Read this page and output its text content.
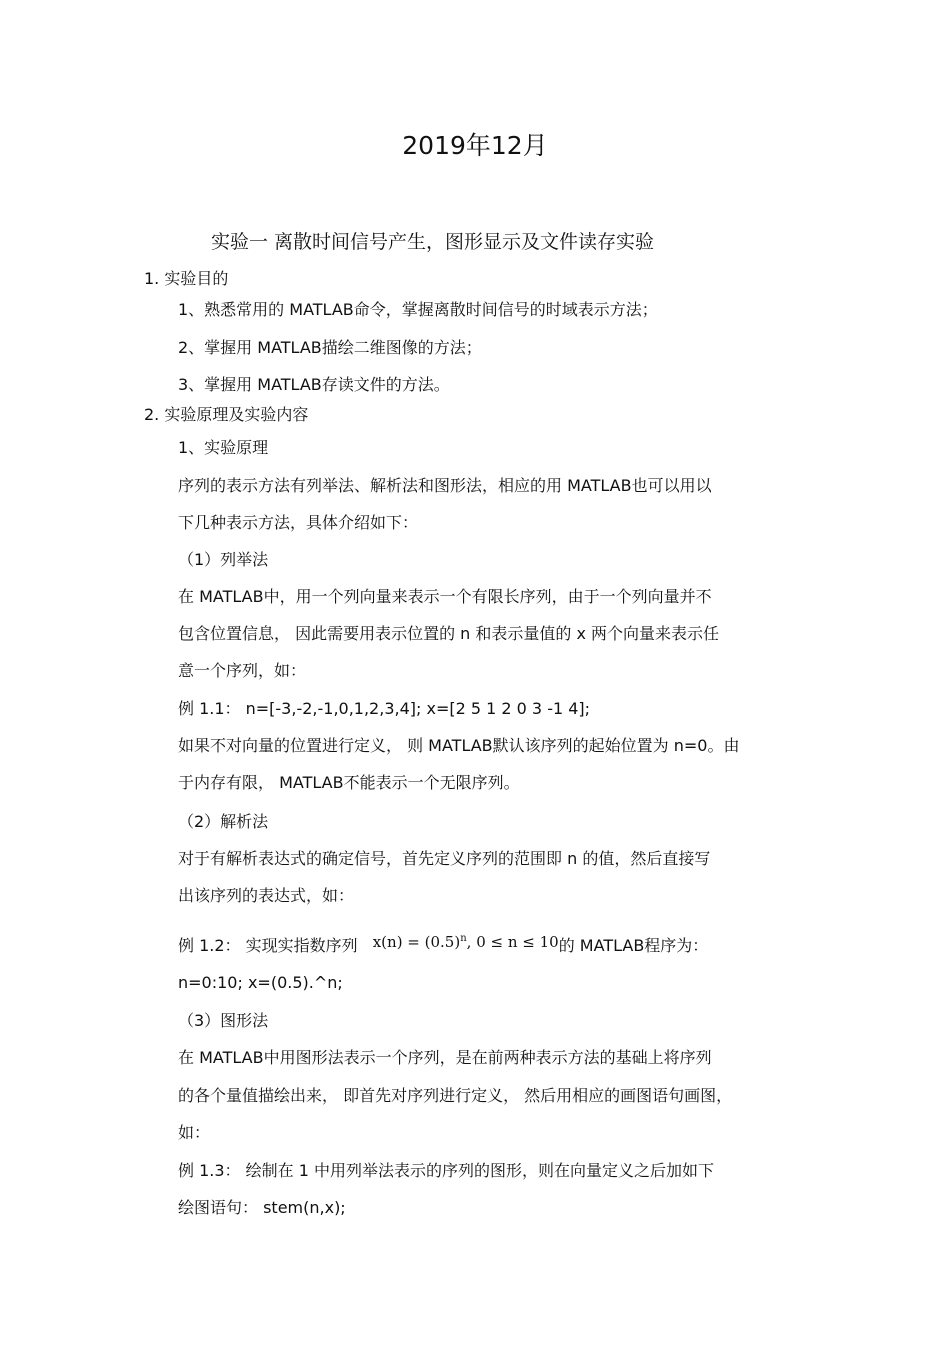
2019年12月
实验一 离散时间信号产生，图形显示及文件读存实验
1. 实验目的
1、熟悉常用的 MATLAB命令，掌握离散时间信号的时域表示方法；
2、掌握用 MATLAB描绘二维图像的方法；
3、掌握用 MATLAB存读文件的方法。
2. 实验原理及实验内容
1、实验原理
序列的表示方法有列举法、解析法和图形法，相应的用 MATLAB也可以用以
下几种表示方法，具体介绍如下：
（1）列举法
在 MATLAB中，用一个列向量来表示一个有限长序列，由于一个列向量并不
包含位置信息， 因此需要用表示位置的 n 和表示量值的 x 两个向量来表示任
意一个序列，如：
例 1.1： n=[-3,-2,-1,0,1,2,3,4]; x=[2 5 1 2 0 3 -1 4];
如果不对向量的位置进行定义， 则 MATLAB默认该序列的起始位置为 n=0。由
于内存有限， MATLAB不能表示一个无限序列。
（2）解析法
对于有解析表达式的确定信号，首先定义序列的范围即 n 的值，然后直接写
出该序列的表达式，如：
例 1.2： 实现实指数序列 $x(n) = (0.5)^n$, 0 ≤ n ≤ 10的 MATLAB程序为：
n=0:10; x=(0.5).^n;
（3）图形法
在 MATLAB中用图形法表示一个序列，是在前两种表示方法的基础上将序列
的各个量值描绘出来， 即首先对序列进行定义， 然后用相应的画图语句画图，
如：
例 1.3： 绘制在 1 中用列举法表示的序列的图形，则在向量定义之后加如下
绘图语句： stem(n,x);
